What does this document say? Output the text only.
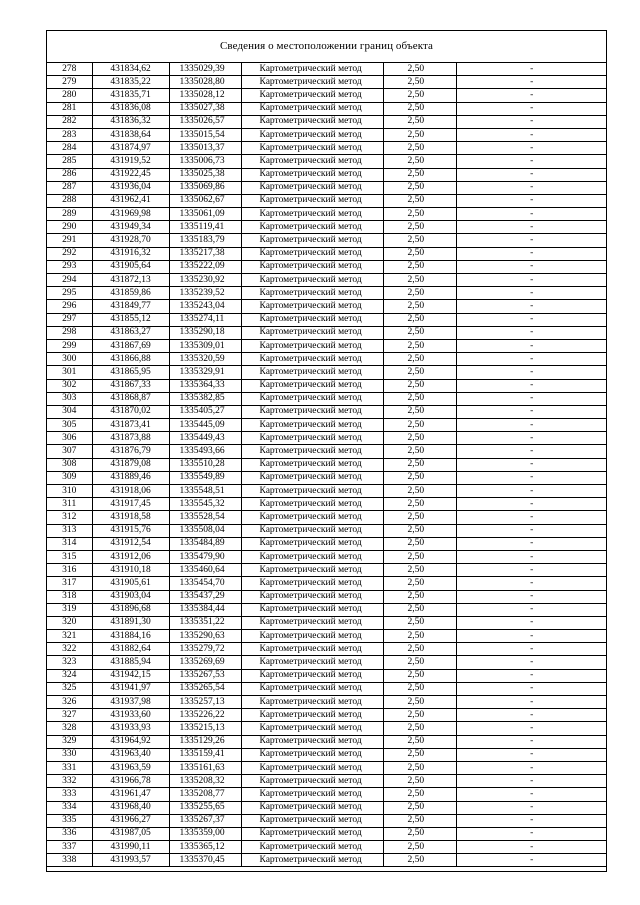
Сведения о местоположении границ объекта
278	431834,62	1335029,39	Картометрический метод	2,50	-
279	431835,22	1335028,80	Картометрический метод	2,50	-
280	431835,71	1335028,12	Картометрический метод	2,50	-
281	431836,08	1335027,38	Картометрический метод	2,50	-
282	431836,32	1335026,57	Картометрический метод	2,50	-
283	431838,64	1335015,54	Картометрический метод	2,50	-
284	431874,97	1335013,37	Картометрический метод	2,50	-
285	431919,52	1335006,73	Картометрический метод	2,50	-
286	431922,45	1335025,38	Картометрический метод	2,50	-
287	431936,04	1335069,86	Картометрический метод	2,50	-
288	431962,41	1335062,67	Картометрический метод	2,50	-
289	431969,98	1335061,09	Картометрический метод	2,50	-
290	431949,34	1335119,41	Картометрический метод	2,50	-
291	431928,70	1335183,79	Картометрический метод	2,50	-
292	431916,32	1335217,38	Картометрический метод	2,50	-
293	431905,64	1335222,09	Картометрический метод	2,50	-
294	431872,13	1335230,92	Картометрический метод	2,50	-
295	431859,86	1335239,52	Картометрический метод	2,50	-
296	431849,77	1335243,04	Картометрический метод	2,50	-
297	431855,12	1335274,11	Картометрический метод	2,50	-
298	431863,27	1335290,18	Картометрический метод	2,50	-
299	431867,69	1335309,01	Картометрический метод	2,50	-
300	431866,88	1335320,59	Картометрический метод	2,50	-
301	431865,95	1335329,91	Картометрический метод	2,50	-
302	431867,33	1335364,33	Картометрический метод	2,50	-
303	431868,87	1335382,85	Картометрический метод	2,50	-
304	431870,02	1335405,27	Картометрический метод	2,50	-
305	431873,41	1335445,09	Картометрический метод	2,50	-
306	431873,88	1335449,43	Картометрический метод	2,50	-
307	431876,79	1335493,66	Картометрический метод	2,50	-
308	431879,08	1335510,28	Картометрический метод	2,50	-
309	431889,46	1335549,89	Картометрический метод	2,50	-
310	431918,06	1335548,51	Картометрический метод	2,50	-
311	431917,45	1335545,32	Картометрический метод	2,50	-
312	431918,58	1335528,54	Картометрический метод	2,50	-
313	431915,76	1335508,04	Картометрический метод	2,50	-
314	431912,54	1335484,89	Картометрический метод	2,50	-
315	431912,06	1335479,90	Картометрический метод	2,50	-
316	431910,18	1335460,64	Картометрический метод	2,50	-
317	431905,61	1335454,70	Картометрический метод	2,50	-
318	431903,04	1335437,29	Картометрический метод	2,50	-
319	431896,68	1335384,44	Картометрический метод	2,50	-
320	431891,30	1335351,22	Картометрический метод	2,50	-
321	431884,16	1335290,63	Картометрический метод	2,50	-
322	431882,64	1335279,72	Картометрический метод	2,50	-
323	431885,94	1335269,69	Картометрический метод	2,50	-
324	431942,15	1335267,53	Картометрический метод	2,50	-
325	431941,97	1335265,54	Картометрический метод	2,50	-
326	431937,98	1335257,13	Картометрический метод	2,50	-
327	431933,60	1335226,22	Картометрический метод	2,50	-
328	431933,93	1335215,13	Картометрический метод	2,50	-
329	431964,92	1335129,26	Картометрический метод	2,50	-
330	431963,40	1335159,41	Картометрический метод	2,50	-
331	431963,59	1335161,63	Картометрический метод	2,50	-
332	431966,78	1335208,32	Картометрический метод	2,50	-
333	431961,47	1335208,77	Картометрический метод	2,50	-
334	431968,40	1335255,65	Картометрический метод	2,50	-
335	431966,27	1335267,37	Картометрический метод	2,50	-
336	431987,05	1335359,00	Картометрический метод	2,50	-
337	431990,11	1335365,12	Картометрический метод	2,50	-
338	431993,57	1335370,45	Картометрический метод	2,50	-
